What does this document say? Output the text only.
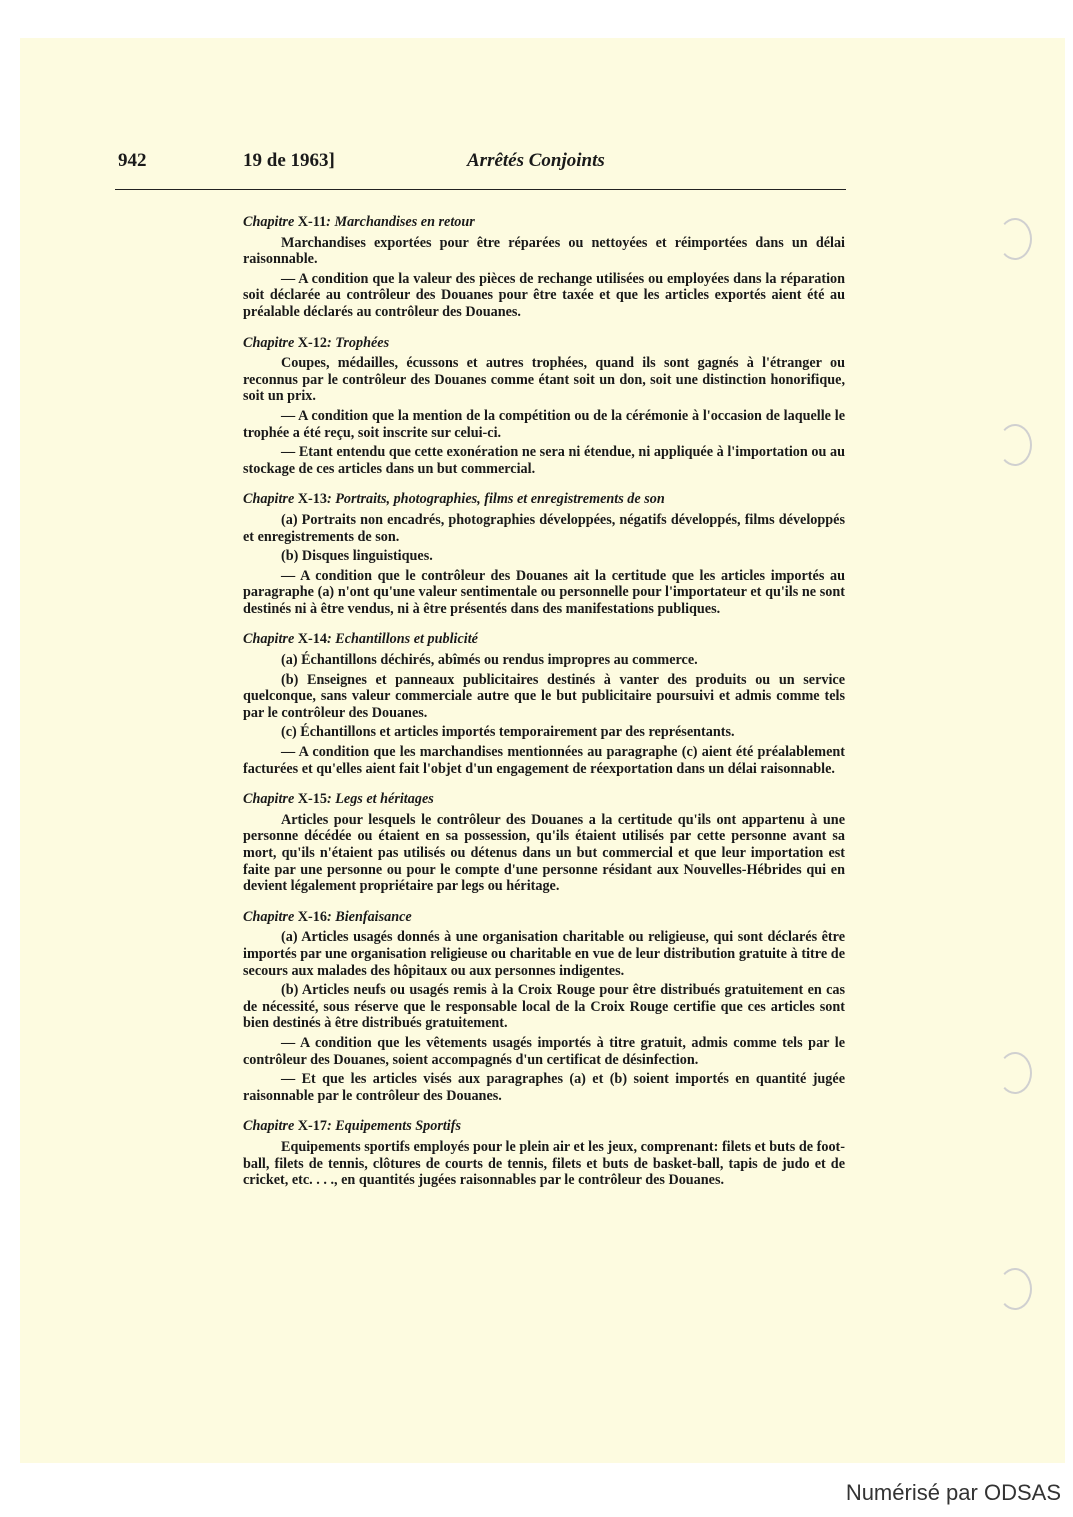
942	19 de 1963]	Arrêtés Conjoints
Chapitre X-11: Marchandises en retour

Marchandises exportées pour être réparées ou nettoyées et réimportées dans un délai raisonnable.

— A condition que la valeur des pièces de rechange utilisées ou employées dans la réparation soit déclarée au contrôleur des Douanes pour être taxée et que les articles exportés aient été au préalable déclarés au contrôleur des Douanes.

Chapitre X-12: Trophées

Coupes, médailles, écussons et autres trophées, quand ils sont gagnés à l'étranger ou reconnus par le contrôleur des Douanes comme étant soit un don, soit une distinction honorifique, soit un prix.

— A condition que la mention de la compétition ou de la cérémonie à l'occasion de laquelle le trophée a été reçu, soit inscrite sur celui-ci.

— Etant entendu que cette exonération ne sera ni étendue, ni appliquée à l'importation ou au stockage de ces articles dans un but commercial.

Chapitre X-13: Portraits, photographies, films et enregistrements de son

(a) Portraits non encadrés, photographies développées, négatifs développés, films développés et enregistrements de son.

(b) Disques linguistiques.

— A condition que le contrôleur des Douanes ait la certitude que les articles importés au paragraphe (a) n'ont qu'une valeur sentimentale ou personnelle pour l'importateur et qu'ils ne sont destinés ni à être vendus, ni à être présentés dans des manifestations publiques.

Chapitre X-14: Echantillons et publicité

(a) Échantillons déchirés, abîmés ou rendus impropres au commerce.

(b) Enseignes et panneaux publicitaires destinés à vanter des produits ou un service quelconque, sans valeur commerciale autre que le but publicitaire poursuivi et admis comme tels par le contrôleur des Douanes.

(c) Échantillons et articles importés temporairement par des représentants.

— A condition que les marchandises mentionnées au paragraphe (c) aient été préalablement facturées et qu'elles aient fait l'objet d'un engagement de réexportation dans un délai raisonnable.

Chapitre X-15: Legs et héritages

Articles pour lesquels le contrôleur des Douanes a la certitude qu'ils ont appartenu à une personne décédée ou étaient en sa possession, qu'ils étaient utilisés par cette personne avant sa mort, qu'ils n'étaient pas utilisés ou détenus dans un but commercial et que leur importation est faite par une personne ou pour le compte d'une personne résidant aux Nouvelles-Hébrides qui en devient légalement propriétaire par legs ou héritage.

Chapitre X-16: Bienfaisance

(a) Articles usagés donnés à une organisation charitable ou religieuse, qui sont déclarés être importés par une organisation religieuse ou charitable en vue de leur distribution gratuite à titre de secours aux malades des hôpitaux ou aux personnes indigentes.

(b) Articles neufs ou usagés remis à la Croix Rouge pour être distribués gratuitement en cas de nécessité, sous réserve que le responsable local de la Croix Rouge certifie que ces articles sont bien destinés à être distribués gratuitement.

— A condition que les vêtements usagés importés à titre gratuit, admis comme tels par le contrôleur des Douanes, soient accompagnés d'un certificat de désinfection.

— Et que les articles visés aux paragraphes (a) et (b) soient importés en quantité jugée raisonnable par le contrôleur des Douanes.

Chapitre X-17: Equipements Sportifs

Equipements sportifs employés pour le plein air et les jeux, comprenant: filets et buts de foot-ball, filets de tennis, clôtures de courts de tennis, filets et buts de basket-ball, tapis de judo et de cricket, etc. . . ., en quantités jugées raisonnables par le contrôleur des Douanes.

Numérisé par ODSAS
